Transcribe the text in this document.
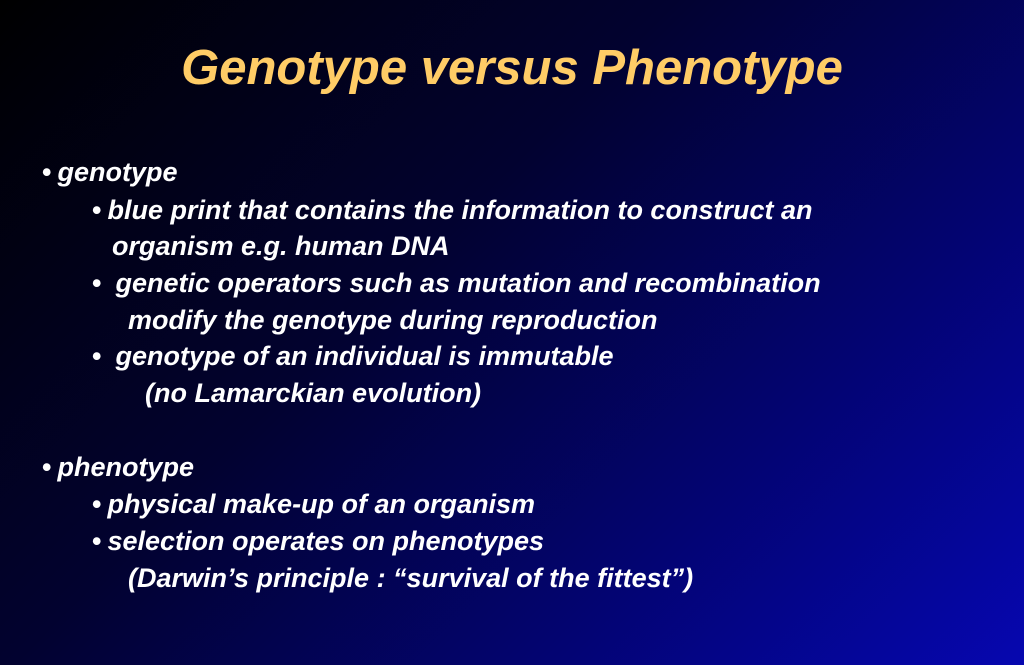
Genotype versus Phenotype
• genotype
• blue print that contains the information to construct an
organism e.g. human DNA
• genetic operators such as mutation and recombination
modify the genotype during reproduction
• genotype of an individual is immutable
(no Lamarckian evolution)
• phenotype
• physical make-up of an organism
• selection operates on phenotypes
(Darwin’s principle : “survival of the fittest”)
